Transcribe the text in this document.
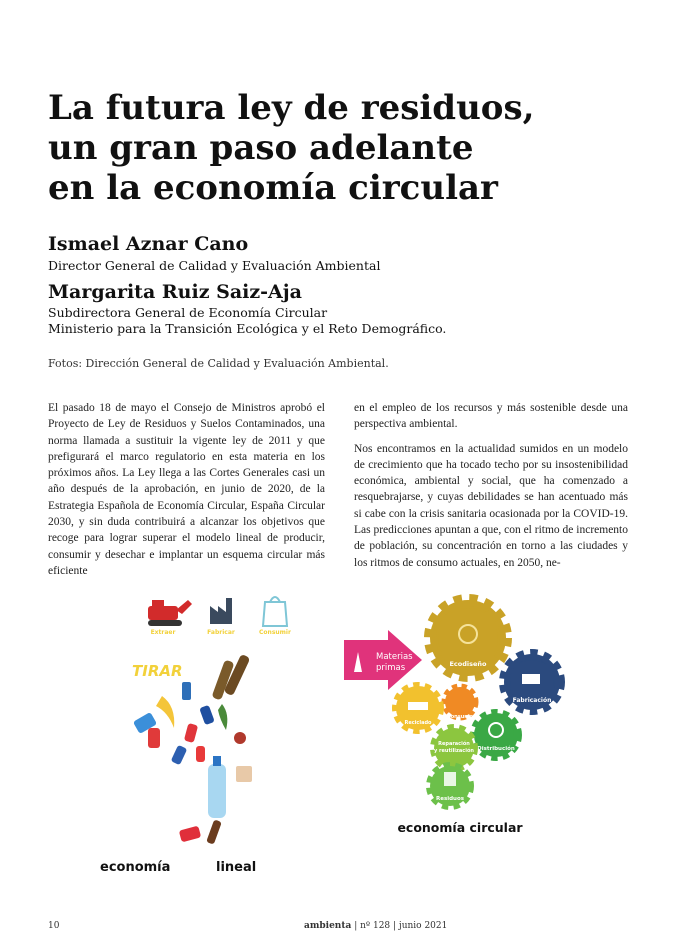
La futura ley de residuos,
un gran paso adelante
en la economía circular
Ismael Aznar Cano
Director General de Calidad y Evaluación Ambiental
Margarita Ruiz Saiz-Aja
Subdirectora General de Economía Circular
Ministerio para la Transición Ecológica y el Reto Demográfico.
Fotos: Dirección General de Calidad y Evaluación Ambiental.

El pasado 18 de mayo el Consejo de Ministros aprobó el Proyecto de Ley de Residuos y Suelos Contaminados, una norma llamada a sustituir la vigente ley de 2011 y que prefigurará el marco regulatorio en esta materia en los próximos años. La Ley llega a las Cortes Generales casi un año después de la aprobación, en junio de 2020, de la Estrategia Española de Economía Circular, España Circular 2030, y sin duda contribuirá a alcanzar los objetivos que recoge para lograr superar el modelo lineal de producir, consumir y desechar e implantar un esquema circular más eficiente

en el empleo de los recursos y más sostenible desde una perspectiva ambiental.

Nos encontramos en la actualidad sumidos en un modelo de crecimiento que ha tocado techo por su insostenibilidad económica, ambiental y social, que ha comenzado a resquebrajarse, y cuyas debilidades se han acentuado más si cabe con la crisis sanitaria ocasionada por la COVID-19. Las predicciones apuntan a que, con el ritmo de incremento de población, su concentración en torno a las ciudades y los ritmos de consumo actuales, en 2050, ne-

Extraer	Fabricar	Consumir
TIRAR
economía	lineal
Materias
primas	Ecodiseño
Fabricación
Consumo
Distribución
Reciclado
Reparación
y reutilización
Residuos
economía circular
10	ambienta | nº 128 | junio 2021
